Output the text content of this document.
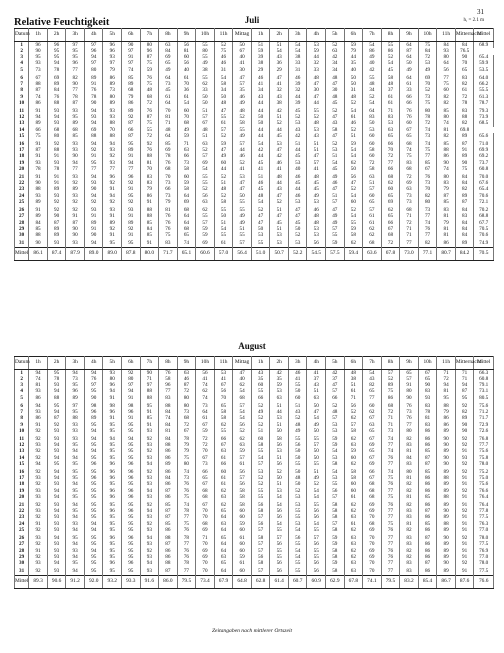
31
Relative Feuchtigkeit	Juli	h, = 2.1 m
Datum	1h	2h	3h	4h	5h	6h	7h	8h	9h	10h	11h	Mittag	1h	2h	3h	4h	5h	6h	7h	8h	9h	10h	11h	Mitternacht	Mittel
1	96	96	97	97	96	90	80	63	56	55	52	50	51	51	54	53	52	59	54	55	64	75	84	84	68.9
2	90	95	95	96	96	97	96	84	81	80	75	67	59	54	54	59	63	79	86	86	87	84	93	76.5	
3	95	95	95	94	93	91	87	69	60	55	46	40	39	43	38	44	42	44	49	52	64	72	80	90	65.4
4	93	94	96	97	97	97	75	65	56	49	46	41	38	36	33	32	34	35	40	54	50	53	64	70	59.9
5	73	78	77	80	79	74	59	49	40	38	31	30	29	29	31	33	34	40	42	45	49	49	56	65	53.5
6	67	69	82	89	86	85	76	64	61	55	54	47	46	47	46	48	48	50	55	58	64	69	77	83	64.0
7	88	89	90	91	89	89	75	73	70	62	58	57	41	41	39	47	47	50	48	48	61	70	75	82	66.2
8	87	84	77	76	73	68	48	45	36	33	34	35	34	32	32	30	30	31	34	37	33	52	60	61	55.5
9	74	76	78	78	80	79	68	61	61	50	50	46	43	43	44	47	48	48	52	61	66	73	82	72	61.3
10	86	88	87	90	89	86	72	64	54	50	48	49	44	38	39	44	45	52	54	61	66	75	82	78	78.7
11	91	93	93	94	93	89	76	70	60	51	47	48	44	42	45	55	52	54	64	71	76	80	85	83	79.3
12	94	94	95	93	93	92	87	81	70	57	55	52	50	51	52	52	47	61	83	83	76	78	80	88	73.9
13	89	93	89	94	88	87	75	71	68	67	61	58	50	52	53	48	43	46	50	53	60	72	74	82	68.5
14	66	68	68	69	70	66	55	48	49	48	57	55	44	44	43	53	58	52	53	63	67	74	81	69.8	
15	75	80	85	88	88	87	72	64	59	51	52	49	44	45	42	43	47	51	60	65	65	73	82	89	65.6
16	91	92	93	94	94	95	92	85	71	63	59	57	54	53	51	51	52	59	60	66	68	74	85	87	71.0
17	87	88	93	92	93	89	76	69	63	52	47	44	42	47	44	51	53	54	58	70	74	75	88	91	69.9
18	91	91	90	91	92	91	88	78	66	57	49	46	44	42	45	47	51	54	60	72	75	77	86	89	69.2
19	93	93	94	95	93	94	81	76	73	69	60	52	45	46	53	57	54	62	72	77	83	85	90	90	73.7
20	78	78	77	77	77	77	70	68	58	54	44	41	41	41	40	41	45	50	58	66	68	67	74	75	60.8
21	91	91	93	94	96	96	83	70	60	55	52	53	51	48	46	48	49	56	63	68	72	76	80	84	70.0
22	90	91	92	93	92	92	83	73	59	55	51	47	46	44	45	45	46	47	51	62	69	73	83	84	67.6
23	88	89	89	90	91	91	79	66	58	52	48	47	45	43	44	45	47	52	57	60	63	70	79	82	65.4
24	93	93	93	94	94	95	86	73	64	56	52	50	48	47	46	49	51	54	60	65	73	82	87	89	70.6
25	89	92	92	92	92	92	91	79	69	63	58	55	54	52	53	53	57	60	65	69	73	80	85	87	72.1
26	91	92	92	93	93	93	88	81	68	62	55	55	52	51	47	46	47	52	57	62	68	73	83	84	70.2
27	89	90	91	91	91	91	88	76	64	55	50	49	47	47	47	48	49	54	61	65	71	77	81	83	68.8
28	84	87	87	89	89	89	85	76	64	57	51	49	47	45	45	48	49	55	61	66	72	74	79	84	67.7
29	85	89	90	91	92	92	84	76	68	59	54	51	50	51	50	53	57	59	62	67	71	76	81	84	70.5
30	88	89	90	90	91	91	85	75	65	59	55	55	53	53	52	53	55	58	62	68	71	77	81	84	70.6
31	90	93	93	94	95	95	91	83	74	69	61	57	55	53	53	56	59	62	68	72	77	82	86	89	74.9
Mittel	86.1	87.4	87.9	89.0	89.0	87.8	80.0	71.7	65.1	60.6	57.0	56.4	51.0	50.7	52.2	54.5	57.5	59.4	63.6	67.8	73.0	77.1	80.7	84.2	70.5
August
Datum	1h	2h	3h	4h	5h	6h	7h	8h	9h	10h	11h	Mittag	1h	2h	3h	4h	5h	6h	7h	8h	9h	10h	11h	Mitternacht	Mittel
1	94	95	94	94	93	92	90	76	63	56	53	47	43	42	46	41	42	48	54	57	65	67	71	71	66.3
2	74	78	73	76	80	80	71	58	46	41	41	40	35	35	41	37	37	38	43	52	57	65	72	71	60.8
3	81	93	95	97	96	97	97	96	87	74	67	62	60	59	55	43	47	51	82	89	91	90	94	94	79.1
4	93	94	96	95	94	94	88	77	72	62	56	54	55	53	50	51	57	61	65	75	80	83	81	87	73.1
5	86	88	89	90	91	91	88	83	80	74	70	68	66	63	60	63	66	71	77	86	90	93	95	95	80.5
6	94	95	97	98	98	98	95	88	80	73	65	57	52	51	51	50	52	56	60	68	76	83	88	92	75.6
7	93	94	95	96	96	96	91	84	73	64	58	54	49	44	43	47	48	52	62	72	73	78	79	82	71.2
8	86	87	88	89	91	91	85	74	68	61	58	54	52	53	52	54	57	62	67	71	76	81	86	89	71.7
9	91	92	93	95	95	95	91	84	72	67	62	56	52	51	48	49	53	57	63	71	77	83	86	90	72.9
10	92	93	93	94	95	95	93	81	67	59	55	52	51	50	49	50	53	58	65	73	80	86	89	90	72.6
11	92	93	93	94	94	94	92	84	78	72	66	62	60	58	55	55	59	62	67	74	82	86	90	92	76.8
12	93	94	95	95	95	95	93	88	79	72	67	63	58	56	56	57	59	63	69	77	83	86	90	92	77.7
13	92	93	94	94	95	95	92	86	79	70	63	59	55	53	50	50	54	59	65	74	81	85	89	91	75.6
14	92	94	94	95	95	95	93	86	75	67	61	57	54	51	50	50	53	60	67	76	84	87	90	93	75.8
15	94	95	95	96	96	96	94	89	80	73	66	61	57	56	55	55	58	62	69	77	83	87	90	92	78.0
16	92	94	95	95	96	96	92	86	74	66	60	56	53	52	50	51	54	58	66	74	80	85	89	92	75.2
17	93	94	95	96	96	96	93	84	73	65	61	57	52	50	48	49	53	58	67	75	81	86	88	91	75.0
18	92	93	94	95	95	95	93	86	76	67	61	56	52	51	50	52	55	60	68	76	82	86	89	91	75.6
19	93	94	95	95	96	96	94	87	76	68	62	58	55	53	52	54	56	60	68	77	82	86	89	92	76.6
20	93	94	95	95	96	96	93	86	75	68	63	58	55	54	53	54	57	61	68	75	81	85	88	91	76.4
21	92	93	94	95	95	95	92	85	74	67	62	58	56	54	53	55	58	62	69	76	82	86	89	91	76.4
22	93	94	95	95	96	96	94	87	78	70	65	60	58	56	55	56	58	62	69	77	83	87	90	92	77.8
23	92	93	94	95	95	95	93	87	77	70	64	60	57	56	55	56	58	63	70	77	83	86	89	91	77.5
24	91	93	93	94	95	95	92	85	75	68	63	59	56	54	53	54	57	61	68	75	81	85	88	91	76.3
25	92	93	94	94	95	95	93	86	76	69	64	60	57	55	54	55	58	62	69	76	82	86	89	91	77.0
26	93	94	95	95	96	96	94	88	78	71	65	61	58	57	56	57	59	63	70	77	83	87	90	92	78.0
27	92	93	94	95	95	95	93	87	77	70	64	60	57	56	55	56	59	63	70	77	83	86	89	91	77.5
28	91	93	93	94	95	95	92	86	76	69	64	60	57	55	54	55	58	62	69	76	82	86	89	91	76.9
29	92	93	94	95	95	95	93	86	76	69	63	59	56	55	54	55	58	62	69	76	82	86	89	91	77.0
30	93	94	95	95	96	96	94	88	78	70	65	61	58	56	55	56	59	63	70	77	83	87	90	92	78.0
31	92	93	94	95	95	95	93	87	77	70	64	60	57	56	55	56	58	63	70	77	83	86	89	91	77.5
Mittel	89.3	90.6	91.2	92.0	93.2	93.3	91.6	86.0	79.5	73.4	67.9	64.8	62.8	61.4	60.7	60.9	62.9	67.8	74.1	79.5	83.2	85.4	86.7	87.6	76.6
Zeitangaben nach mittlerer Ortszeit
